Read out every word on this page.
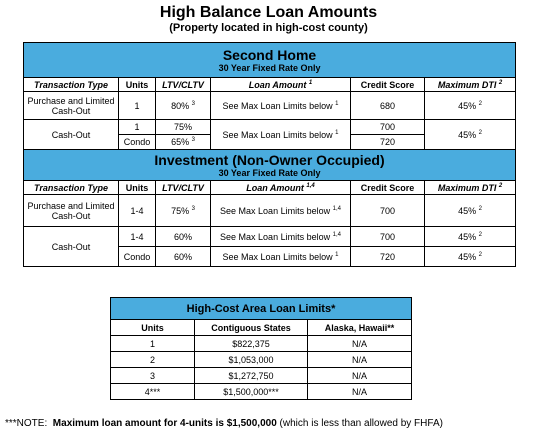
High Balance Loan Amounts
(Property located in high-cost county)
Second Home
30 Year Fixed Rate Only					

Transaction Type	Units	LTV/CLTV	Loan Amount $^1$	Credit Score	Maximum DTI $^2$
Purchase and Limited Cash-Out	1	80% $^3$	See Max Loan Limits below $^1$	680	45% $^2$
Cash-Out	1	75%	See Max Loan Limits below $^1$	700	45% $^2$
	Condo	65% $^3$		720	

Investment (Non-Owner Occupied)
30 Year Fixed Rate Only					

Transaction Type	Units	LTV/CLTV	Loan Amount $^{1,4}$	Credit Score	Maximum DTI $^2$
Purchase and Limited Cash-Out	1-4	75% $^3$	See Max Loan Limits below $^{1,4}$	700	45% $^2$
Cash-Out	1-4	60%	See Max Loan Limits below $^{1,4}$	700	45% $^2$
	Condo	60%	See Max Loan Limits below $^1$	720	45% $^2$
High-Cost Area Loan Limits*		
Units	Contiguous States	Alaska, Hawaii**
1	$822,375	N/A
2	$1,053,000	N/A
3	$1,272,750	N/A
4***	$1,500,000***	N/A
***NOTE: Maximum loan amount for 4-units is $1,500,000 (which is less than allowed by FHFA)
